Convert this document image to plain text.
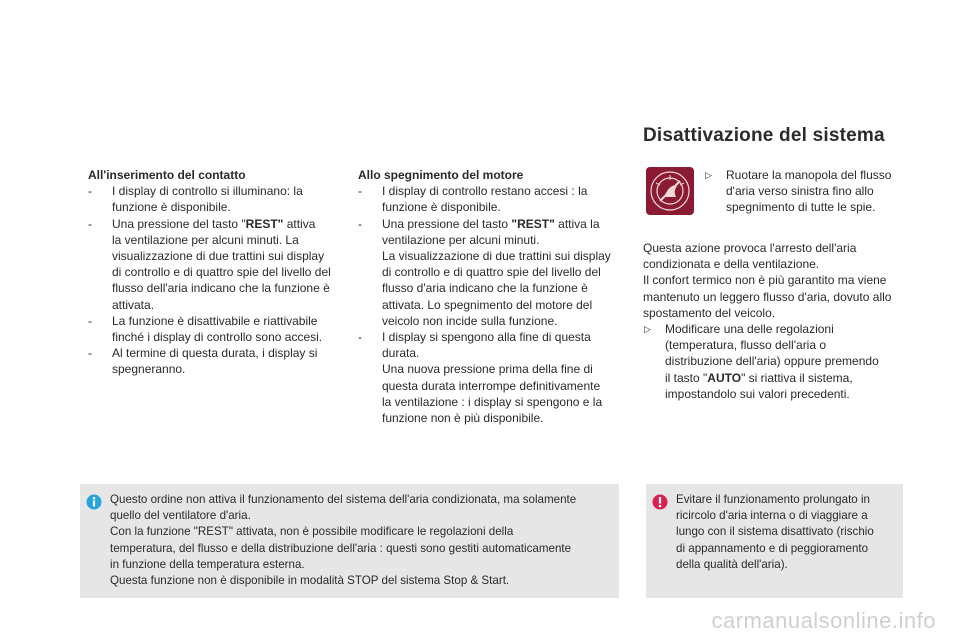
Disattivazione del sistema
All'inserimento del contatto
- I display di controllo si illuminano: la
funzione è disponibile.
- Una pressione del tasto "REST" attiva
la ventilazione per alcuni minuti. La
visualizzazione di due trattini sui display
di controllo e di quattro spie del livello del
flusso dell'aria indicano che la funzione è
attivata.
- La funzione è disattivabile e riattivabile
finché i display di controllo sono accesi.
- Al termine di questa durata, i display si
spegneranno.
Allo spegnimento del motore
- I display di controllo restano accesi : la
funzione è disponibile.
- Una pressione del tasto "REST" attiva la
ventilazione per alcuni minuti.
La visualizzazione di due trattini sui display
di controllo e di quattro spie del livello del
flusso d'aria indicano che la funzione è
attivata. Lo spegnimento del motore del
veicolo non incide sulla funzione.
- I display si spengono alla fine di questa
durata.
Una nuova pressione prima della fine di
questa durata interrompe definitivamente
la ventilazione : i display si spengono e la
funzione non è più disponibile.
▷ Ruotare la manopola del flusso
d'aria verso sinistra fino allo
spegnimento di tutte le spie.
Questa azione provoca l'arresto dell'aria
condizionata e della ventilazione.
Il confort termico non è più garantito ma viene
mantenuto un leggero flusso d'aria, dovuto allo
spostamento del veicolo.
▷ Modificare una delle regolazioni
(temperatura, flusso dell'aria o
distribuzione dell'aria) oppure premendo
il tasto "AUTO" si riattiva il sistema,
impostandolo sui valori precedenti.
Questo ordine non attiva il funzionamento del sistema dell'aria condizionata, ma solamente
quello del ventilatore d'aria.
Con la funzione "REST" attivata, non è possibile modificare le regolazioni della
temperatura, del flusso e della distribuzione dell'aria : questi sono gestiti automaticamente
in funzione della temperatura esterna.
Questa funzione non è disponibile in modalità STOP del sistema Stop & Start.
Evitare il funzionamento prolungato in
ricircolo d'aria interna o di viaggiare a
lungo con il sistema disattivato (rischio
di appannamento e di peggioramento
della qualità dell'aria).
carmanualsonline.info
